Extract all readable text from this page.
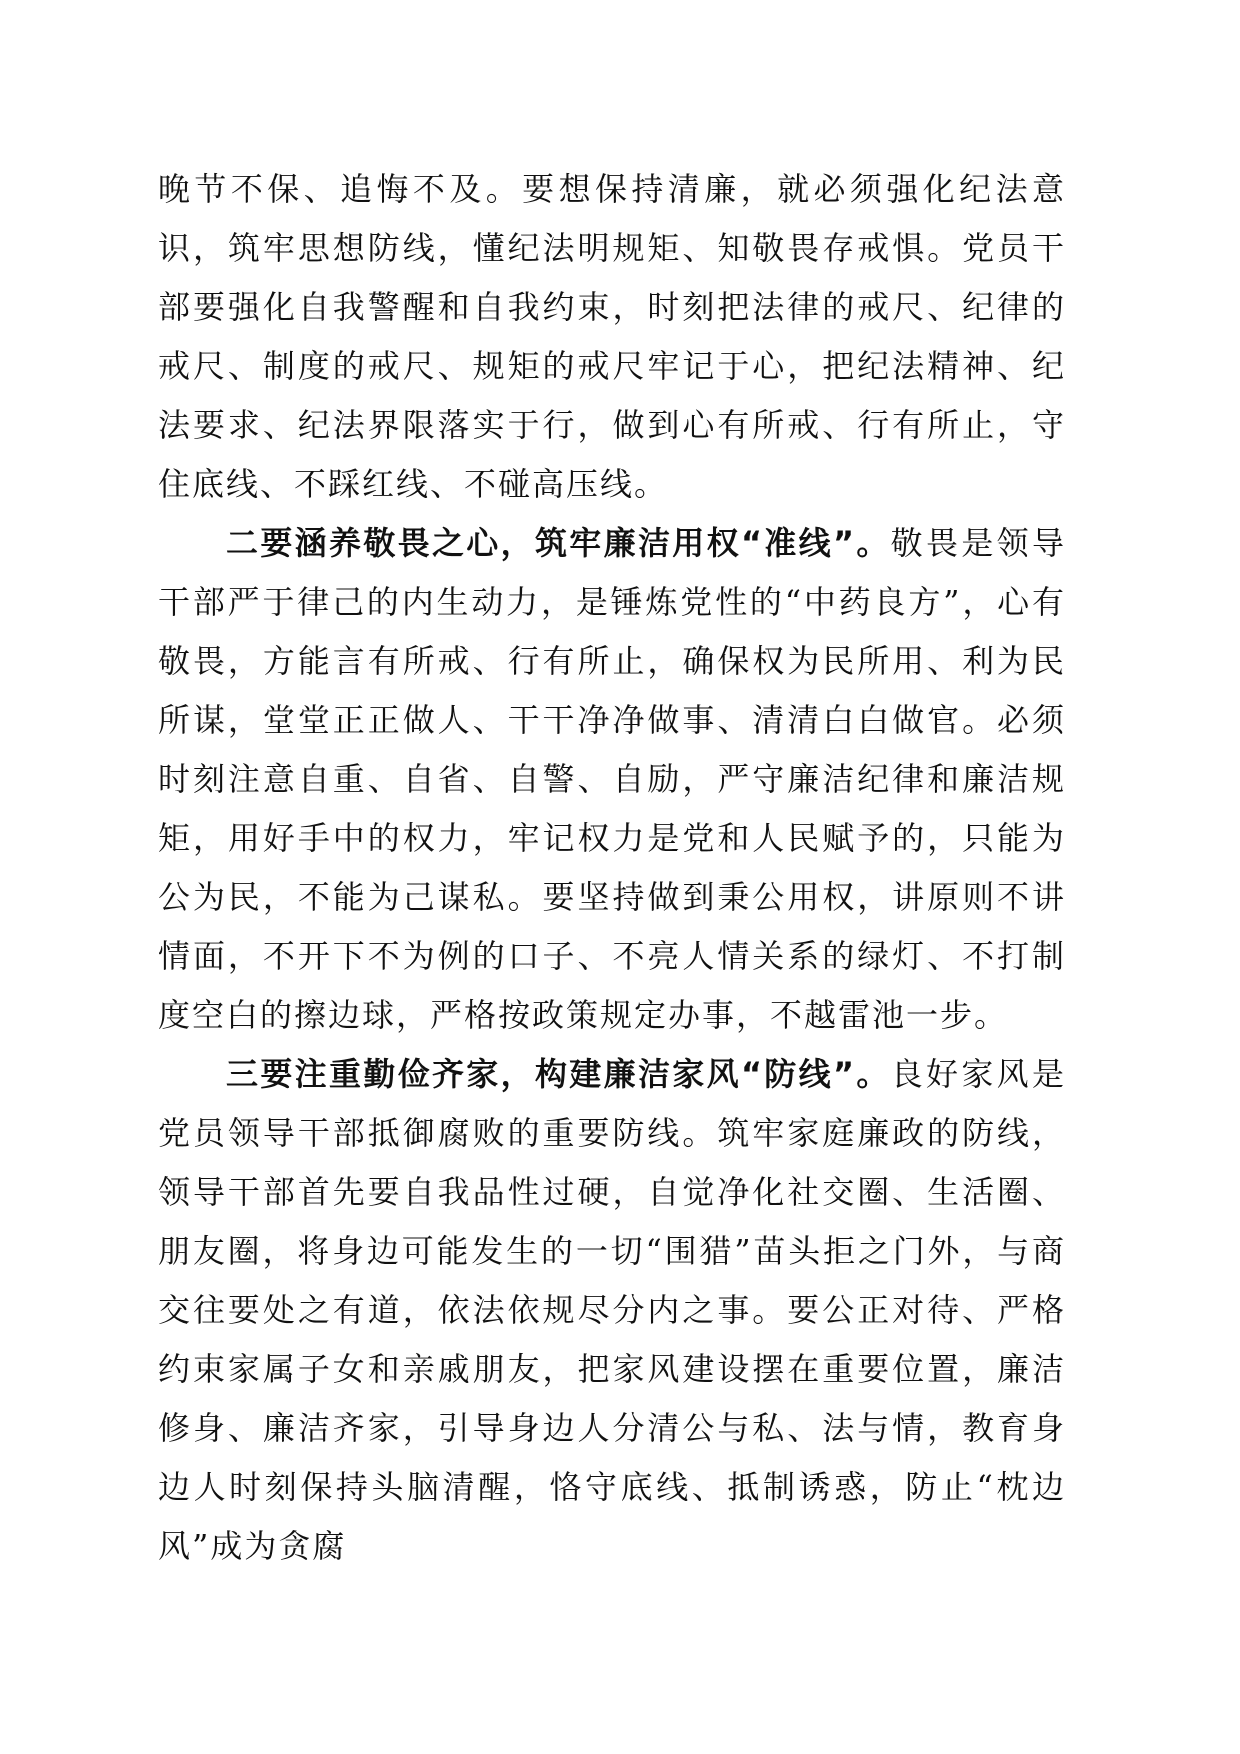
晚节不保、追悔不及。要想保持清廉，就必须强化纪法意识，筑牢思想防线，懂纪法明规矩、知敬畏存戒惧。党员干部要强化自我警醒和自我约束，时刻把法律的戒尺、纪律的戒尺、制度的戒尺、规矩的戒尺牢记于心，把纪法精神、纪法要求、纪法界限落实于行，做到心有所戒、行有所止，守住底线、不踩红线、不碰高压线。

二要涵养敬畏之心，筑牢廉洁用权“准线”。敬畏是领导干部严于律己的内生动力，是锤炼党性的“中药良方”，心有敬畏，方能言有所戒、行有所止，确保权为民所用、利为民所谋，堂堂正正做人、干干净净做事、清清白白做官。必须时刻注意自重、自省、自警、自励，严守廉洁纪律和廉洁规矩，用好手中的权力，牢记权力是党和人民赋予的，只能为公为民，不能为己谋私。要坚持做到秉公用权，讲原则不讲情面，不开下不为例的口子、不亮人情关系的绿灯、不打制度空白的擦边球，严格按政策规定办事，不越雷池一步。

三要注重勤俭齐家，构建廉洁家风“防线”。良好家风是党员领导干部抵御腐败的重要防线。筑牢家庭廉政的防线，领导干部首先要自我品性过硬，自觉净化社交圈、生活圈、朋友圈，将身边可能发生的一切“围猎”苗头拒之门外，与商交往要处之有道，依法依规尽分内之事。要公正对待、严格约束家属子女和亲戚朋友，把家风建设摆在重要位置，廉洁修身、廉洁齐家，引导身边人分清公与私、法与情，教育身边人时刻保持头脑清醒，恪守底线、抵制诱惑，防止“枕边风”成为贪腐
